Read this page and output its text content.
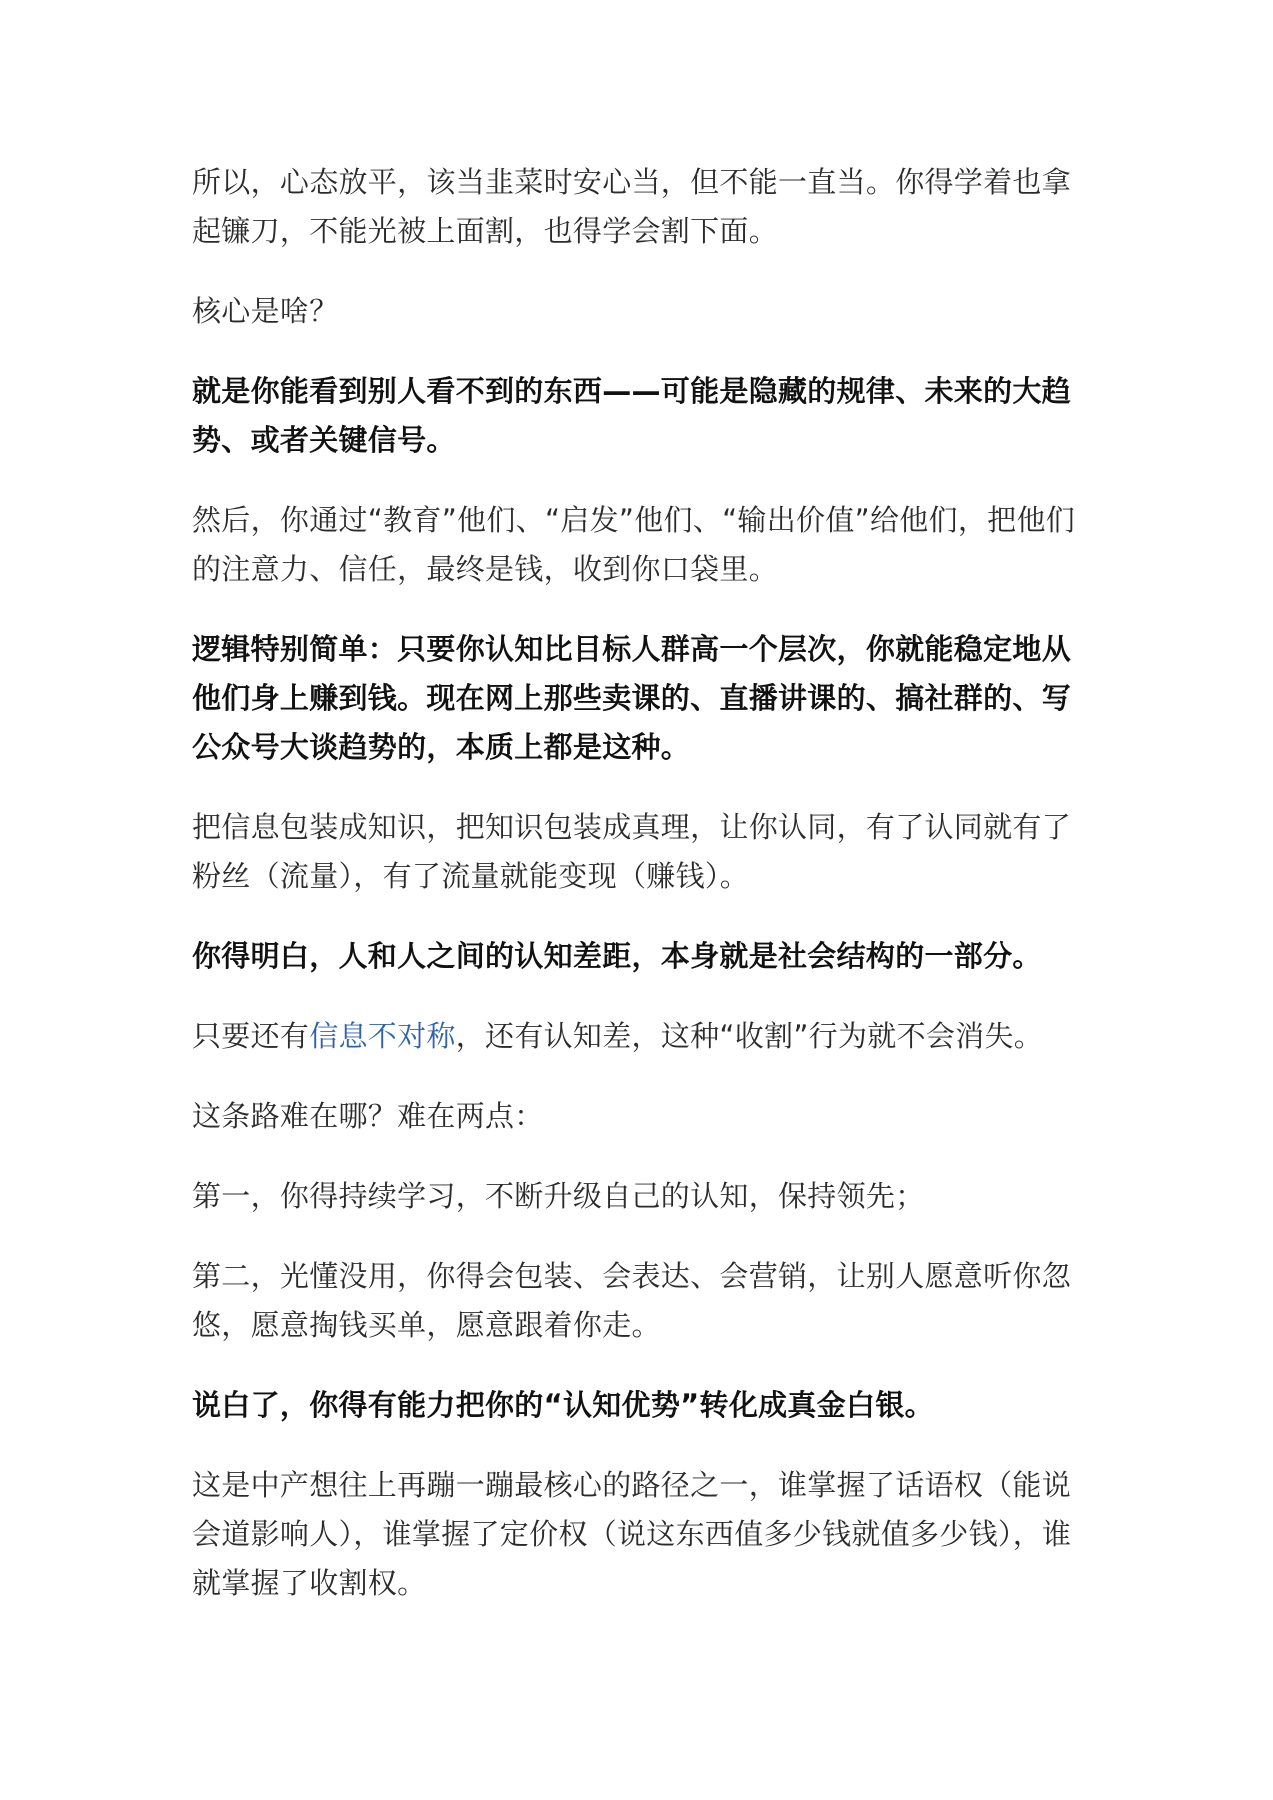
所以，心态放平，该当韭菜时安心当，但不能一直当。你得学着也拿起镰刀，不能光被上面割，也得学会割下面。

核心是啥？

就是你能看到别人看不到的东西——可能是隐藏的规律、未来的大趋势、或者关键信号。

然后，你通过“教育”他们、“启发”他们、“输出价值”给他们，把他们的注意力、信任，最终是钱，收到你口袋里。

逻辑特别简单：只要你认知比目标人群高一个层次，你就能稳定地从他们身上赚到钱。现在网上那些卖课的、直播讲课的、搞社群的、写公众号大谈趋势的，本质上都是这种。

把信息包装成知识，把知识包装成真理，让你认同，有了认同就有了粉丝（流量），有了流量就能变现（赚钱）。

你得明白，人和人之间的认知差距，本身就是社会结构的一部分。

只要还有信息不对称，还有认知差，这种“收割”行为就不会消失。

这条路难在哪？难在两点：

第一，你得持续学习，不断升级自己的认知，保持领先；

第二，光懂没用，你得会包装、会表达、会营销，让别人愿意听你忽悠，愿意掏钱买单，愿意跟着你走。

说白了，你得有能力把你的“认知优势”转化成真金白银。

这是中产想往上再蹦一蹦最核心的路径之一，谁掌握了话语权（能说会道影响人），谁掌握了定价权（说这东西值多少钱就值多少钱），谁就掌握了收割权。
